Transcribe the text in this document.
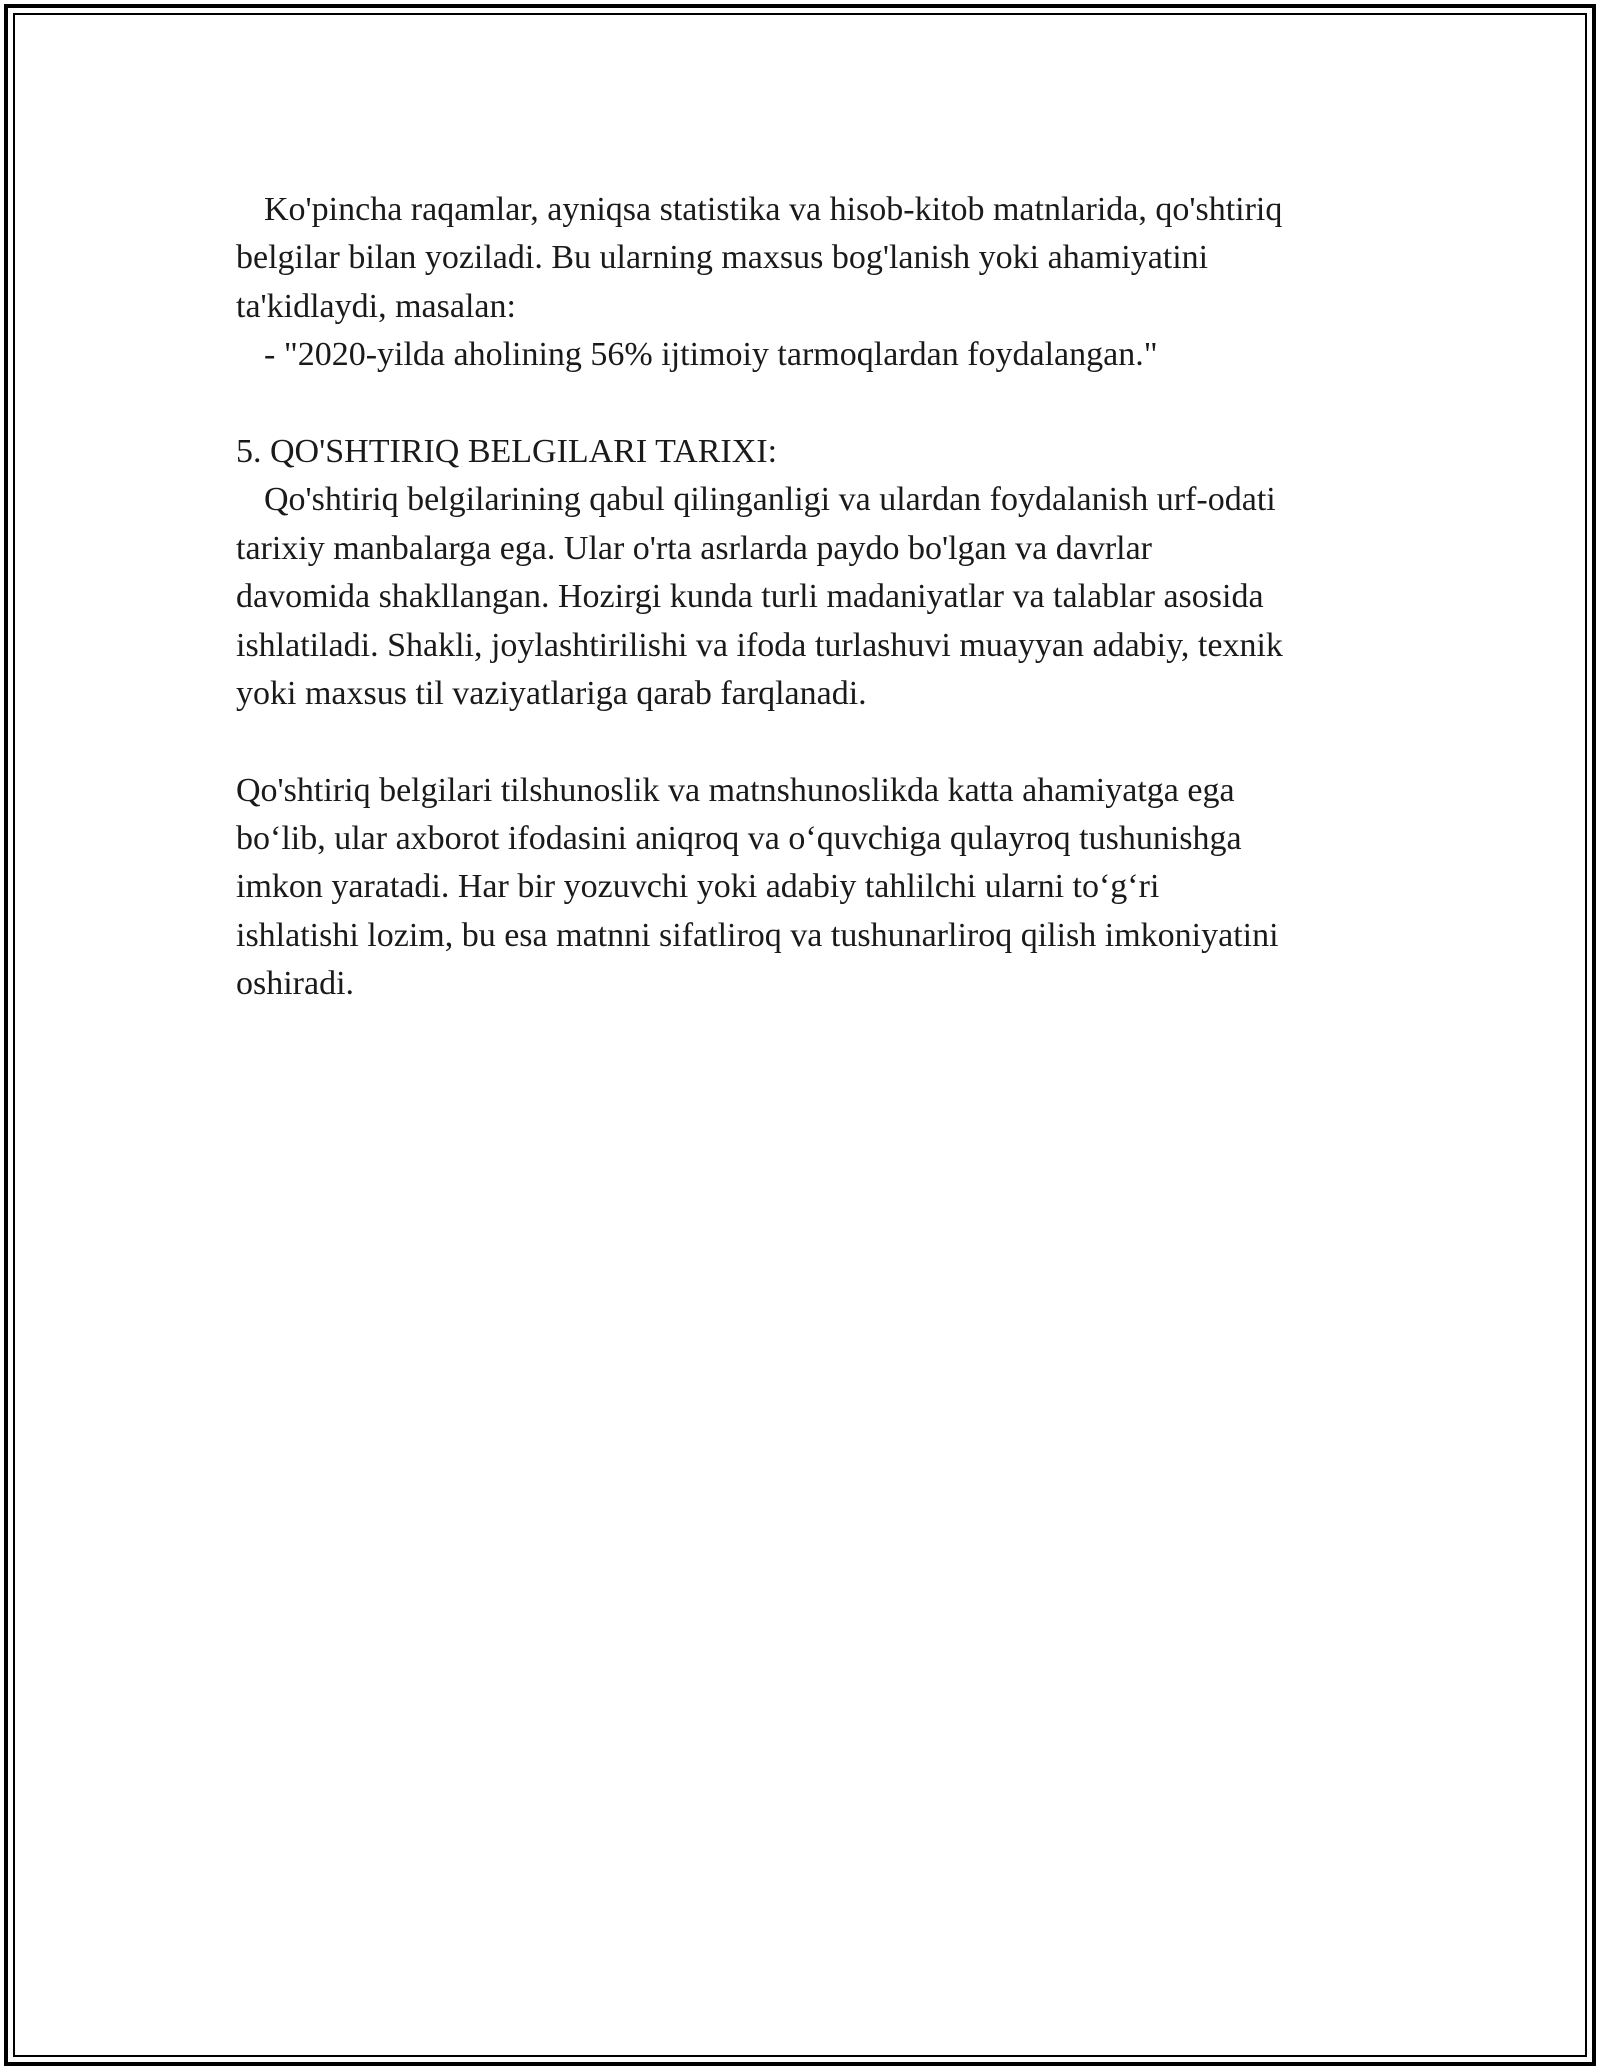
Ko'pincha raqamlar, ayniqsa statistika va hisob-kitob matnlarida, qo'shtiriq
belgilar bilan yoziladi. Bu ularning maxsus bog'lanish yoki ahamiyatini
ta'kidlaydi, masalan:
- "2020-yilda aholining 56% ijtimoiy tarmoqlardan foydalangan."
5. QO'SHTIRIQ BELGILARI TARIXI:
Qo'shtiriq belgilarining qabul qilinganligi va ulardan foydalanish urf-odati
tarixiy manbalarga ega. Ular o'rta asrlarda paydo bo'lgan va davrlar
davomida shakllangan. Hozirgi kunda turli madaniyatlar va talablar asosida
ishlatiladi. Shakli, joylashtirilishi va ifoda turlashuvi muayyan adabiy, texnik
yoki maxsus til vaziyatlariga qarab farqlanadi.
Qo'shtiriq belgilari tilshunoslik va matnshunoslikda katta ahamiyatga ega
bo‘lib, ular axborot ifodasini aniqroq va o‘quvchiga qulayroq tushunishga
imkon yaratadi. Har bir yozuvchi yoki adabiy tahlilchi ularni to‘g‘ri
ishlatishi lozim, bu esa matnni sifatliroq va tushunarliroq qilish imkoniyatini
oshiradi.
